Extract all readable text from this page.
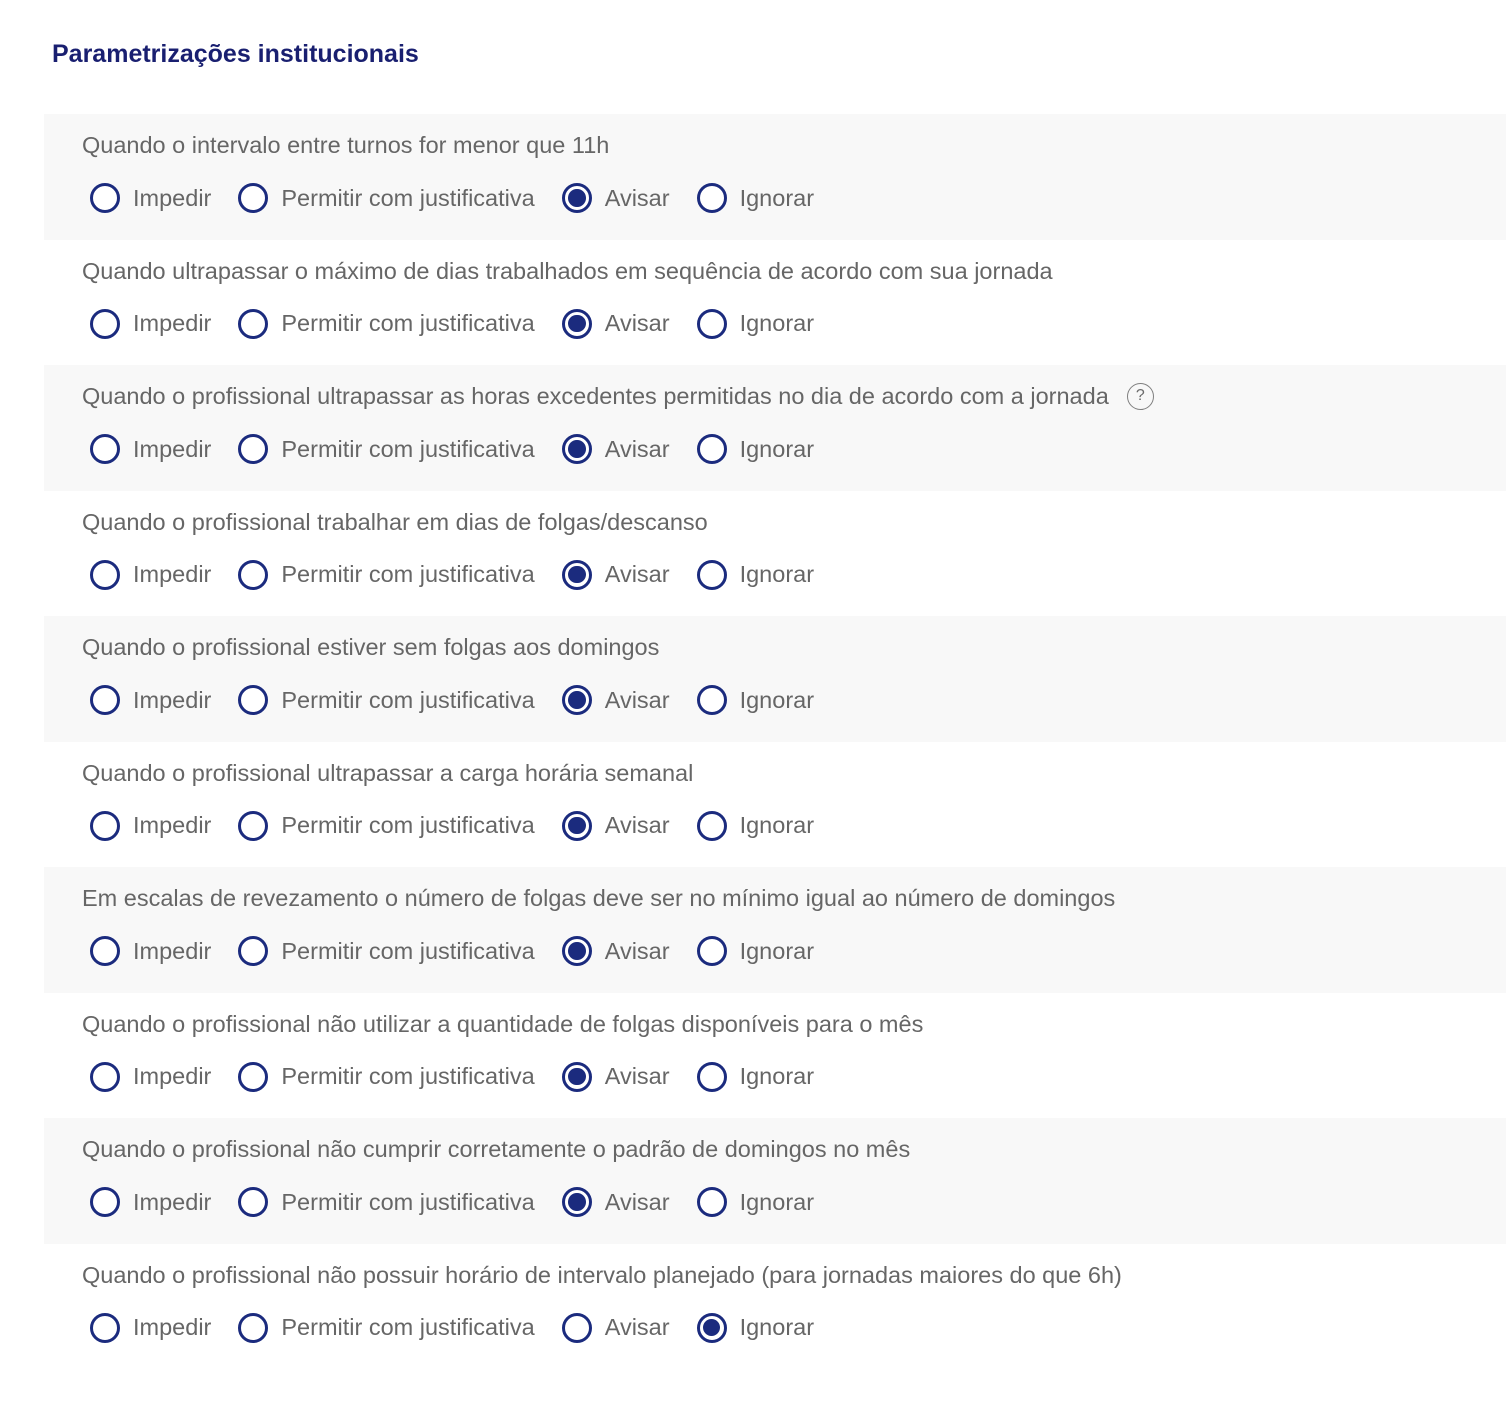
Parametrizações institucionais
Quando o intervalo entre turnos for menor que 11h
Impedir	Permitir com justificativa	Avisar	Ignorar
Quando ultrapassar o máximo de dias trabalhados em sequência de acordo com sua jornada
Impedir	Permitir com justificativa	Avisar	Ignorar
Quando o profissional ultrapassar as horas excedentes permitidas no dia de acordo com a jornada ?
Impedir	Permitir com justificativa	Avisar	Ignorar
Quando o profissional trabalhar em dias de folgas/descanso
Impedir	Permitir com justificativa	Avisar	Ignorar
Quando o profissional estiver sem folgas aos domingos
Impedir	Permitir com justificativa	Avisar	Ignorar
Quando o profissional ultrapassar a carga horária semanal
Impedir	Permitir com justificativa	Avisar	Ignorar
Em escalas de revezamento o número de folgas deve ser no mínimo igual ao número de domingos
Impedir	Permitir com justificativa	Avisar	Ignorar
Quando o profissional não utilizar a quantidade de folgas disponíveis para o mês
Impedir	Permitir com justificativa	Avisar	Ignorar
Quando o profissional não cumprir corretamente o padrão de domingos no mês
Impedir	Permitir com justificativa	Avisar	Ignorar
Quando o profissional não possuir horário de intervalo planejado (para jornadas maiores do que 6h)
Impedir	Permitir com justificativa	Avisar	Ignorar
